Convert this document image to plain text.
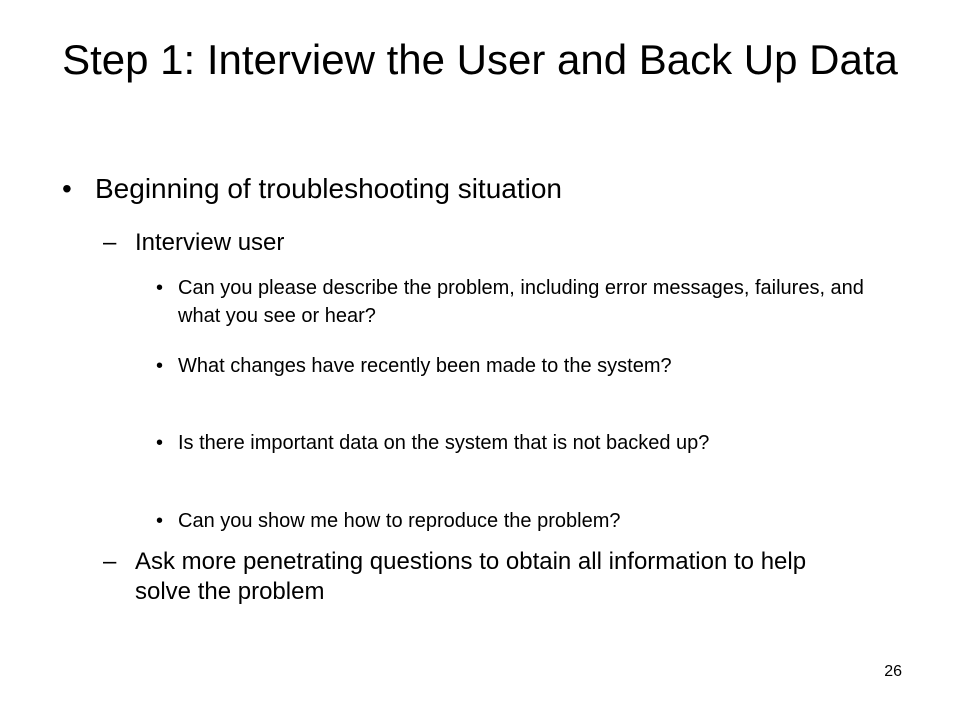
Step 1: Interview the User and Back Up Data
• Beginning of troubleshooting situation
– Interview user
• Can you please describe the problem, including error messages, failures, and what you see or hear?
• What changes have recently been made to the system?
• Is there important data on the system that is not backed up?
• Can you show me how to reproduce the problem?
– Ask more penetrating questions to obtain all information to help solve the problem
26
